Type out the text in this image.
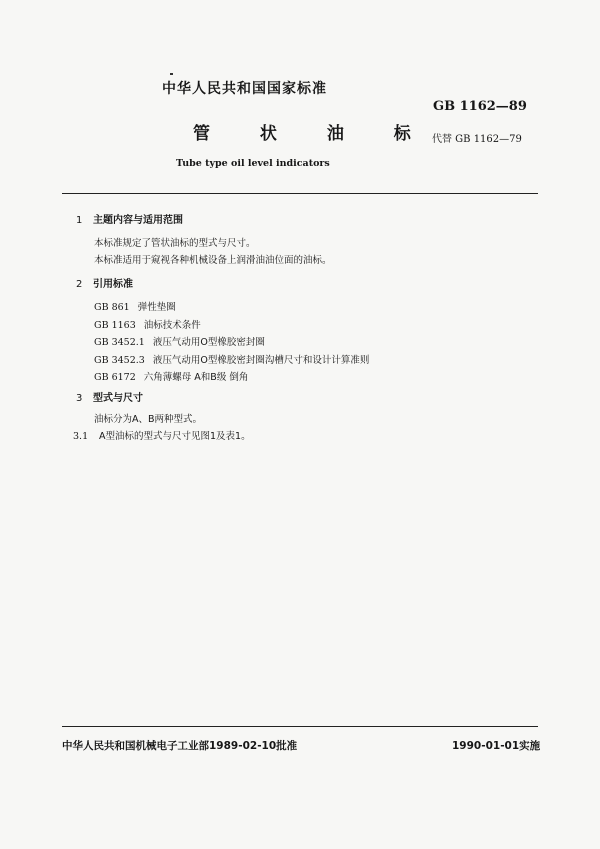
中华人民共和国国家标准
GB 1162—89
管 状 油 标 代替 GB 1162—79
Tube type oil level indicators
1 主题内容与适用范围
本标准规定了管状油标的型式与尺寸。
本标准适用于窥视各种机械设备上润滑油油位面的油标。
2 引用标准
GB 861 弹性垫圈
GB 1163 油标技术条件
GB 3452.1 液压气动用O型橡胶密封圈
GB 3452.3 液压气动用O型橡胶密封圈沟槽尺寸和设计计算准则
GB 6172 六角薄螺母 A和B级 倒角
3 型式与尺寸
油标分为A、B两种型式。
3.1 A型油标的型式与尺寸见图1及表1。
中华人民共和国机械电子工业部1989-02-10批准	1990-01-01实施
